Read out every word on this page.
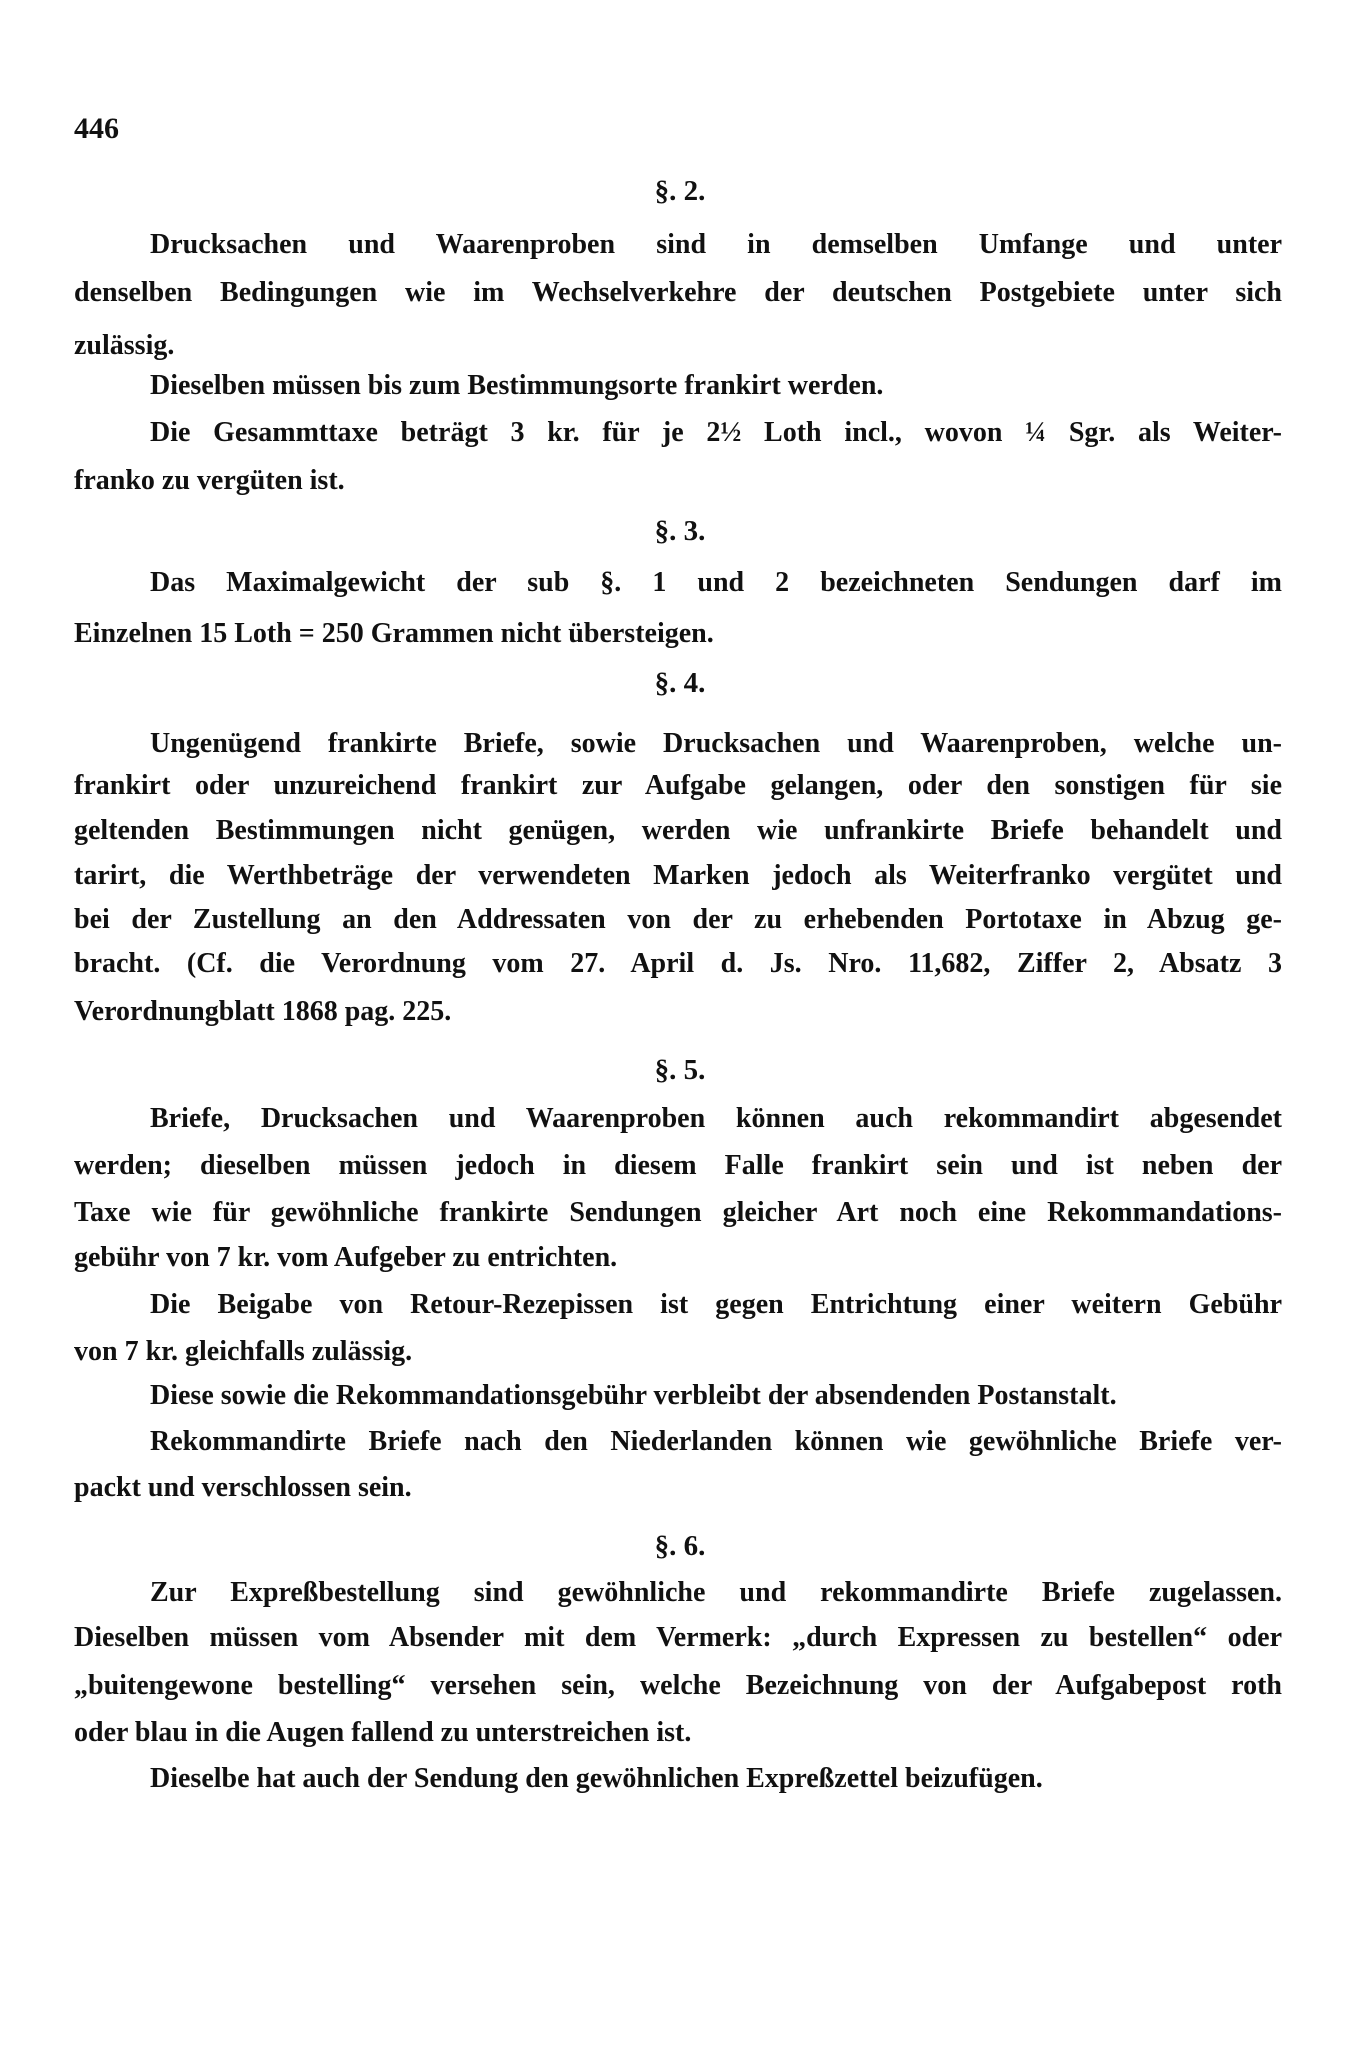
446
§. 2.
Drucksachen und Waarenproben sind in demselben Umfange und unter
denselben Bedingungen wie im Wechselverkehre der deutschen Postgebiete unter sich
zulässig.
Dieselben müssen bis zum Bestimmungsorte frankirt werden.
Die Gesammttaxe beträgt 3 kr. für je 2½ Loth incl., wovon ¼ Sgr. als Weiter-
franko zu vergüten ist.
§. 3.
Das Maximalgewicht der sub §. 1 und 2 bezeichneten Sendungen darf im
Einzelnen 15 Loth = 250 Grammen nicht übersteigen.
§. 4.
Ungenügend frankirte Briefe, sowie Drucksachen und Waarenproben, welche un-
frankirt oder unzureichend frankirt zur Aufgabe gelangen, oder den sonstigen für sie
geltenden Bestimmungen nicht genügen, werden wie unfrankirte Briefe behandelt und
tarirt, die Werthbeträge der verwendeten Marken jedoch als Weiterfranko vergütet und
bei der Zustellung an den Addressaten von der zu erhebenden Portotaxe in Abzug ge-
bracht. (Cf. die Verordnung vom 27. April d. Js. Nro. 11,682, Ziffer 2, Absatz 3
Verordnungblatt 1868 pag. 225.
§. 5.
Briefe, Drucksachen und Waarenproben können auch rekommandirt abgesendet
werden; dieselben müssen jedoch in diesem Falle frankirt sein und ist neben der
Taxe wie für gewöhnliche frankirte Sendungen gleicher Art noch eine Rekommandations-
gebühr von 7 kr. vom Aufgeber zu entrichten.
Die Beigabe von Retour-Rezepissen ist gegen Entrichtung einer weitern Gebühr
von 7 kr. gleichfalls zulässig.
Diese sowie die Rekommandationsgebühr verbleibt der absendenden Postanstalt.
Rekommandirte Briefe nach den Niederlanden können wie gewöhnliche Briefe ver-
packt und verschlossen sein.
§. 6.
Zur Expreßbestellung sind gewöhnliche und rekommandirte Briefe zugelassen.
Dieselben müssen vom Absender mit dem Vermerk: „durch Expressen zu bestellen“ oder
„buitengewone bestelling“ versehen sein, welche Bezeichnung von der Aufgabepost roth
oder blau in die Augen fallend zu unterstreichen ist.
Dieselbe hat auch der Sendung den gewöhnlichen Expreßzettel beizufügen.
